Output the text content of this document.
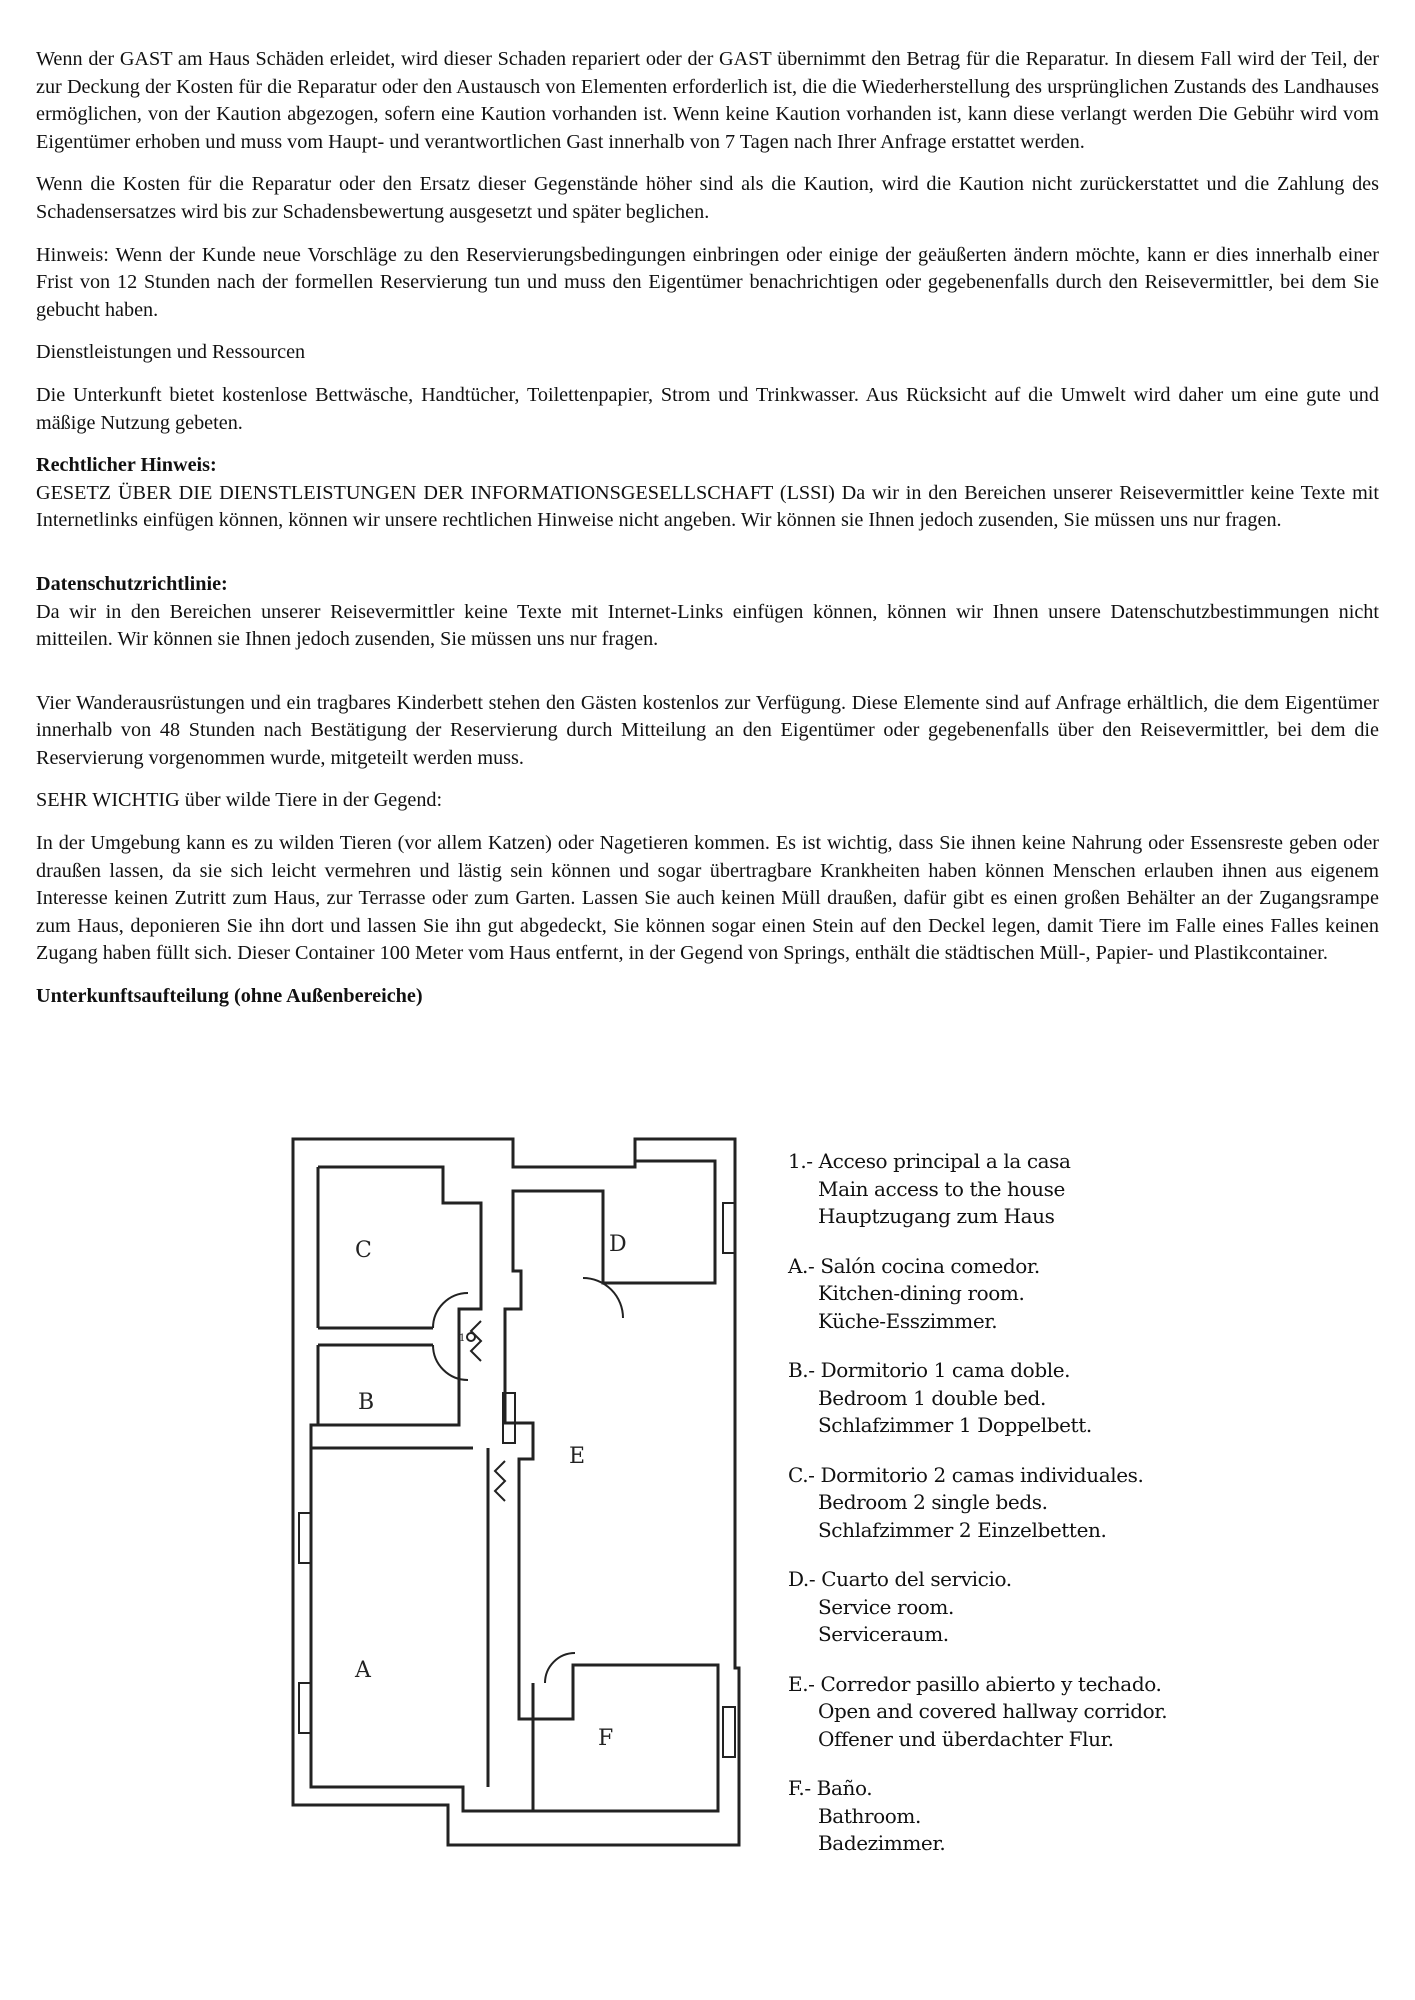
Wenn der GAST am Haus Schäden erleidet, wird dieser Schaden repariert oder der GAST übernimmt den Betrag für die Reparatur. In diesem Fall wird der Teil, der zur Deckung der Kosten für die Reparatur oder den Austausch von Elementen erforderlich ist, die die Wiederherstellung des ursprünglichen Zustands des Landhauses ermöglichen, von der Kaution abgezogen, sofern eine Kaution vorhanden ist. Wenn keine Kaution vorhanden ist, kann diese verlangt werden Die Gebühr wird vom Eigentümer erhoben und muss vom Haupt- und verantwortlichen Gast innerhalb von 7 Tagen nach Ihrer Anfrage erstattet werden.

Wenn die Kosten für die Reparatur oder den Ersatz dieser Gegenstände höher sind als die Kaution, wird die Kaution nicht zurückerstattet und die Zahlung des Schadensersatzes wird bis zur Schadensbewertung ausgesetzt und später beglichen.

Hinweis: Wenn der Kunde neue Vorschläge zu den Reservierungsbedingungen einbringen oder einige der geäußerten ändern möchte, kann er dies innerhalb einer Frist von 12 Stunden nach der formellen Reservierung tun und muss den Eigentümer benachrichtigen oder gegebenenfalls durch den Reisevermittler, bei dem Sie gebucht haben.

Dienstleistungen und Ressourcen

Die Unterkunft bietet kostenlose Bettwäsche, Handtücher, Toilettenpapier, Strom und Trinkwasser. Aus Rücksicht auf die Umwelt wird daher um eine gute und mäßige Nutzung gebeten.

Rechtlicher Hinweis:
GESETZ ÜBER DIE DIENSTLEISTUNGEN DER INFORMATIONSGESELLSCHAFT (LSSI) Da wir in den Bereichen unserer Reisevermittler keine Texte mit Internetlinks einfügen können, können wir unsere rechtlichen Hinweise nicht angeben. Wir können sie Ihnen jedoch zusenden, Sie müssen uns nur fragen.

Datenschutzrichtlinie:
Da wir in den Bereichen unserer Reisevermittler keine Texte mit Internet-Links einfügen können, können wir Ihnen unsere Datenschutzbestimmungen nicht mitteilen. Wir können sie Ihnen jedoch zusenden, Sie müssen uns nur fragen.

Vier Wanderausrüstungen und ein tragbares Kinderbett stehen den Gästen kostenlos zur Verfügung. Diese Elemente sind auf Anfrage erhältlich, die dem Eigentümer innerhalb von 48 Stunden nach Bestätigung der Reservierung durch Mitteilung an den Eigentümer oder gegebenenfalls über den Reisevermittler, bei dem die Reservierung vorgenommen wurde, mitgeteilt werden muss.

SEHR WICHTIG über wilde Tiere in der Gegend:

In der Umgebung kann es zu wilden Tieren (vor allem Katzen) oder Nagetieren kommen. Es ist wichtig, dass Sie ihnen keine Nahrung oder Essensreste geben oder draußen lassen, da sie sich leicht vermehren und lästig sein können und sogar übertragbare Krankheiten haben können Menschen erlauben ihnen aus eigenem Interesse keinen Zutritt zum Haus, zur Terrasse oder zum Garten. Lassen Sie auch keinen Müll draußen, dafür gibt es einen großen Behälter an der Zugangsrampe zum Haus, deponieren Sie ihn dort und lassen Sie ihn gut abgedeckt, Sie können sogar einen Stein auf den Deckel legen, damit Tiere im Falle eines Falles keinen Zugang haben füllt sich. Dieser Container 100 Meter vom Haus entfernt, in der Gegend von Springs, enthält die städtischen Müll-, Papier- und Plastikcontainer.

Unterkunftsaufteilung (ohne Außenbereiche)

C	D
B
E
A
F
1
1.- Acceso principal a la casa
Main access to the house
Hauptzugang zum Haus
A.- Salón cocina comedor.
Kitchen-dining room.
Küche-Esszimmer.
B.- Dormitorio 1 cama doble.
Bedroom 1 double bed.
Schlafzimmer 1 Doppelbett.
C.- Dormitorio 2 camas individuales.
Bedroom 2 single beds.
Schlafzimmer 2 Einzelbetten.
D.- Cuarto del servicio.
Service room.
Serviceraum.
E.- Corredor pasillo abierto y techado.
Open and covered hallway corridor.
Offener und überdachter Flur.
F.- Baño.
Bathroom.
Badezimmer.
